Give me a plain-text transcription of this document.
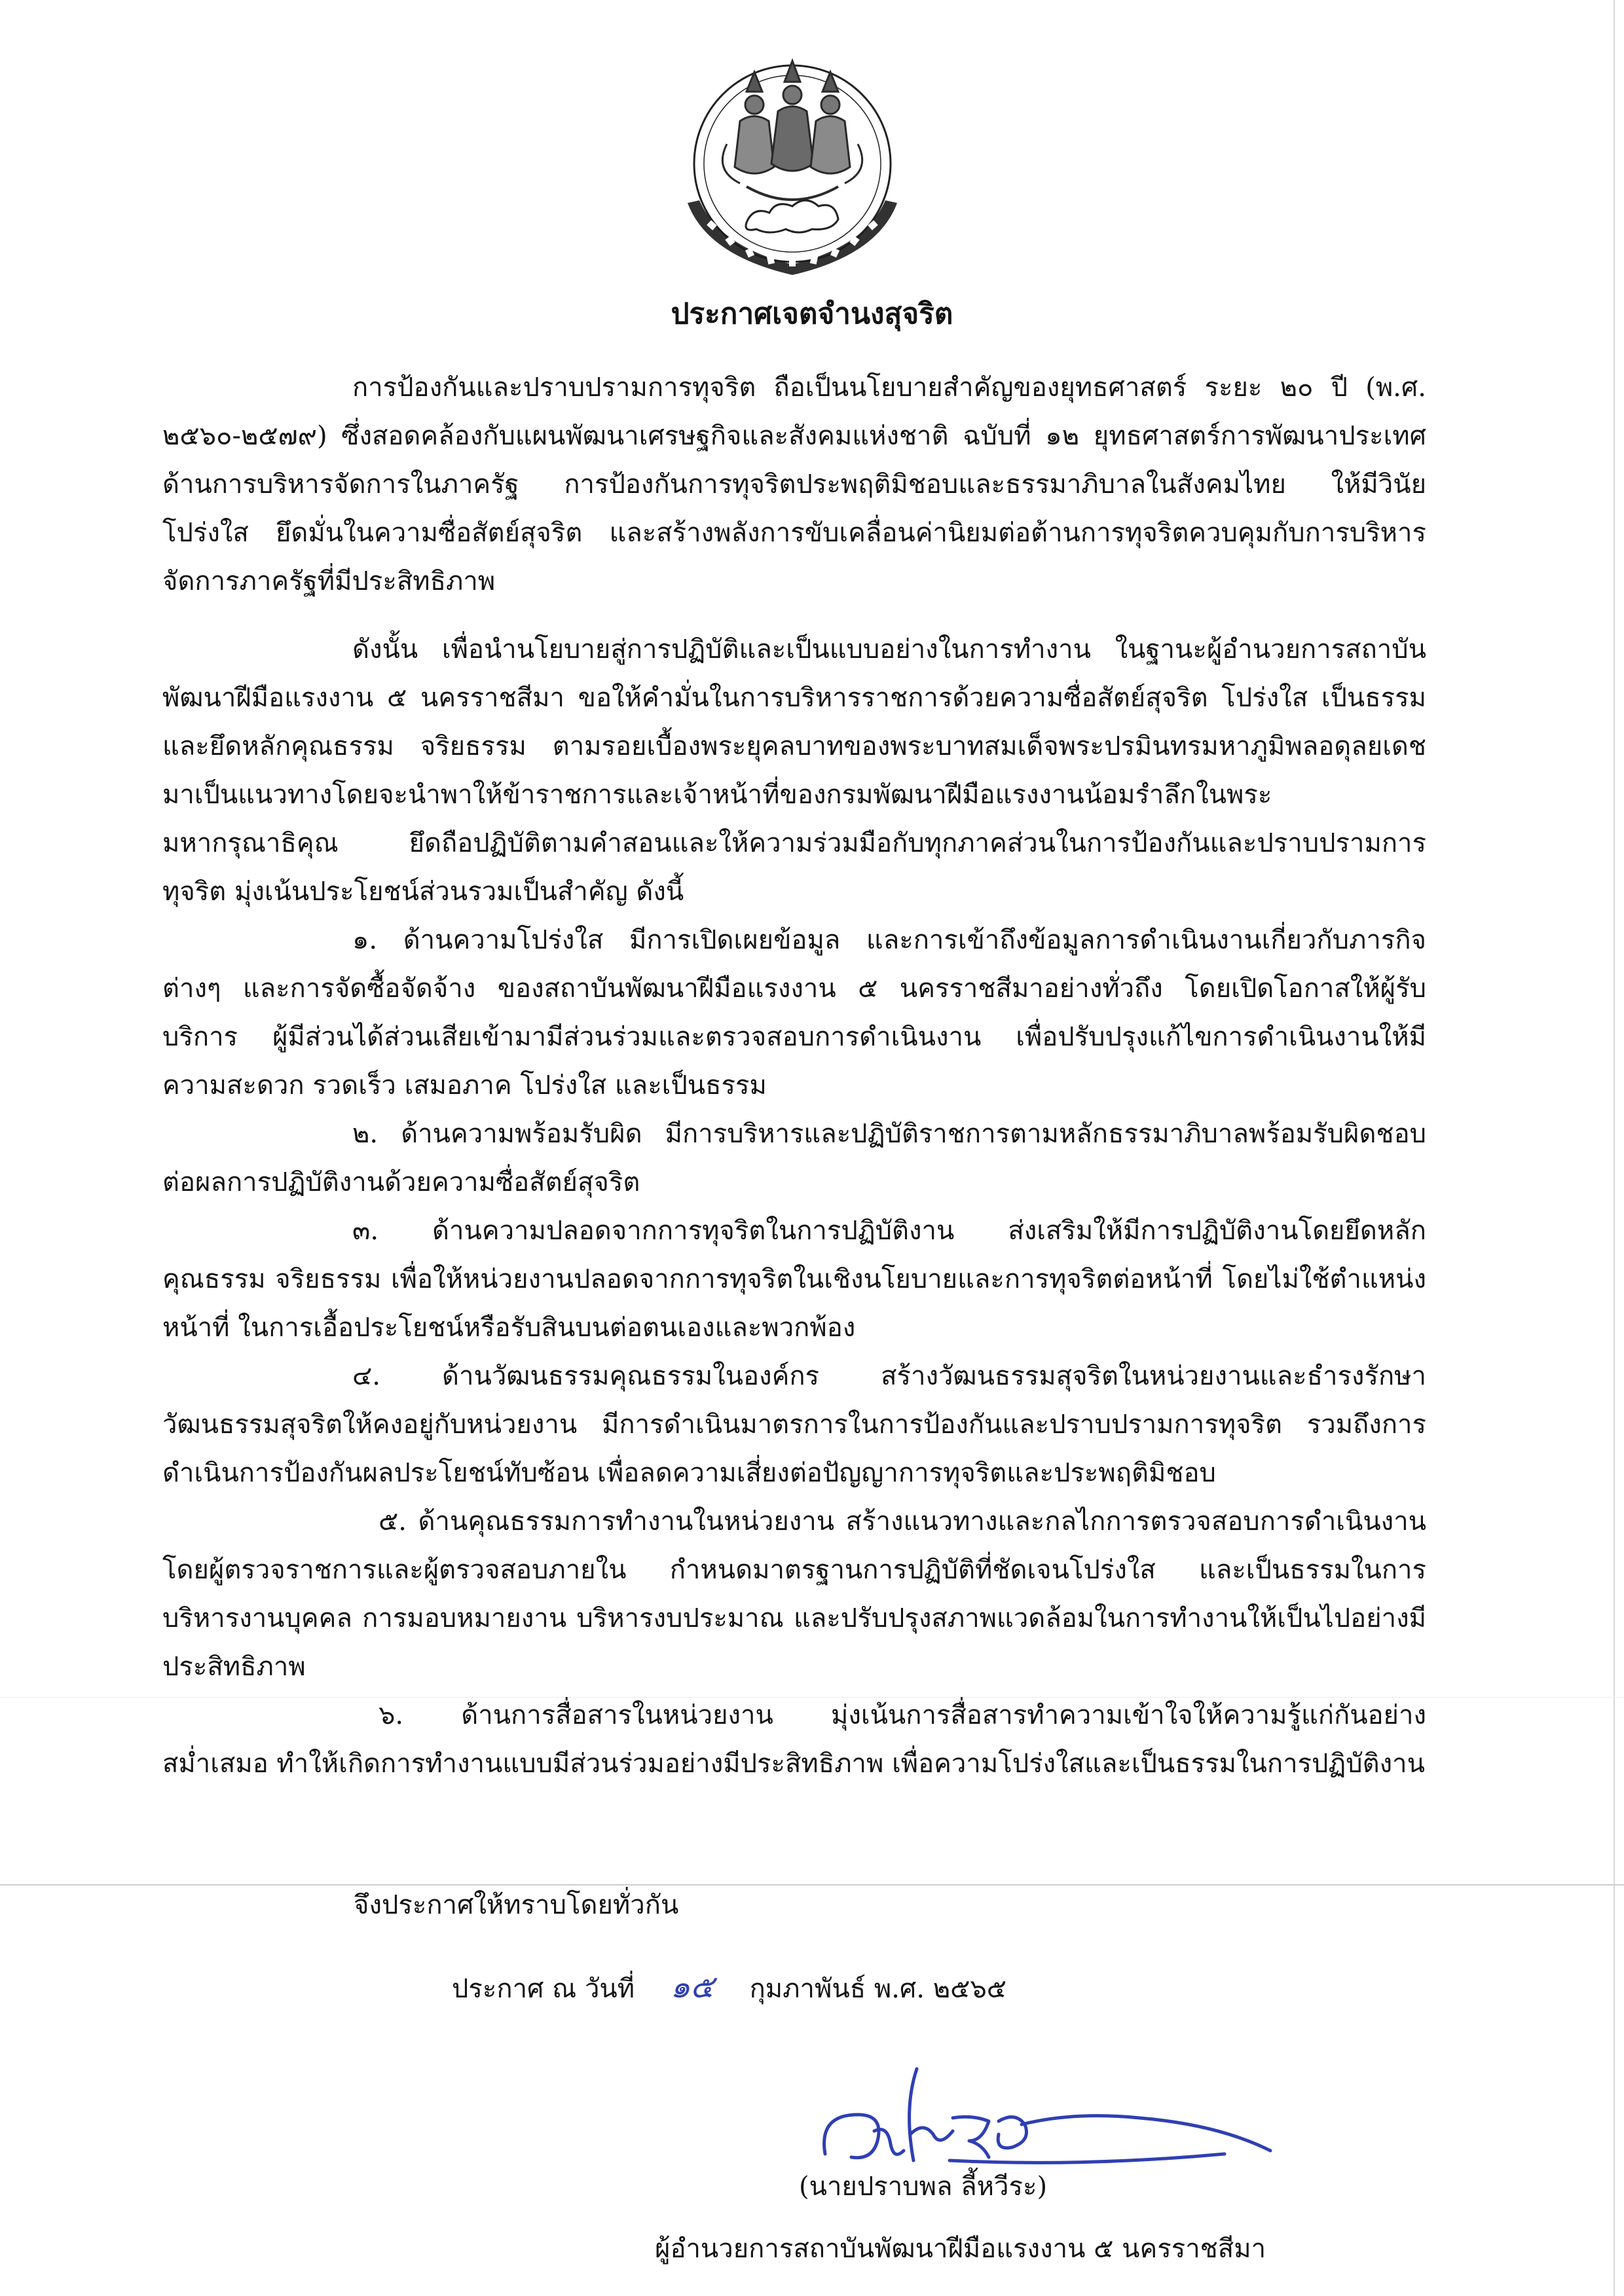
ประกาศเจตจำนงสุจริต

การป้องกันและปราบปรามการทุจริต ถือเป็นนโยบายสำคัญของยุทธศาสตร์ ระยะ ๒๐ ปี (พ.ศ. ๒๕๖๐-๒๕๗๙) ซึ่งสอดคล้องกับแผนพัฒนาเศรษฐกิจและสังคมแห่งชาติ ฉบับที่ ๑๒ ยุทธศาสตร์การพัฒนาประเทศด้านการบริหารจัดการในภาครัฐ การป้องกันการทุจริตประพฤติมิชอบและธรรมาภิบาลในสังคมไทย ให้มีวินัย โปร่งใส ยึดมั่นในความซื่อสัตย์สุจริต และสร้างพลังการขับเคลื่อนค่านิยมต่อต้านการทุจริตควบคุมกับการบริหารจัดการภาครัฐที่มีประสิทธิภาพ

ดังนั้น เพื่อนำนโยบายสู่การปฏิบัติและเป็นแบบอย่างในการทำงาน ในฐานะผู้อำนวยการสถาบันพัฒนาฝีมือแรงงาน ๕ นครราชสีมา ขอให้คำมั่นในการบริหารราชการด้วยความซื่อสัตย์สุจริต โปร่งใส เป็นธรรม และยึดหลักคุณธรรม จริยธรรม ตามรอยเบื้องพระยุคลบาทของพระบาทสมเด็จพระปรมินทรมหาภูมิพลอดุลยเดช มาเป็นแนวทางโดยจะนำพาให้ข้าราชการและเจ้าหน้าที่ของกรมพัฒนาฝีมือแรงงานน้อมรำลึกในพระมหากรุณาธิคุณ ยึดถือปฏิบัติตามคำสอนและให้ความร่วมมือกับทุกภาคส่วนในการป้องกันและปราบปรามการทุจริต มุ่งเน้นประโยชน์ส่วนรวมเป็นสำคัญ ดังนี้

๑. ด้านความโปร่งใส มีการเปิดเผยข้อมูล และการเข้าถึงข้อมูลการดำเนินงานเกี่ยวกับภารกิจต่างๆ และการจัดซื้อจัดจ้าง ของสถาบันพัฒนาฝีมือแรงงาน ๕ นครราชสีมาอย่างทั่วถึง โดยเปิดโอกาสให้ผู้รับบริการ ผู้มีส่วนได้ส่วนเสียเข้ามามีส่วนร่วมและตรวจสอบการดำเนินงาน เพื่อปรับปรุงแก้ไขการดำเนินงานให้มีความสะดวก รวดเร็ว เสมอภาค โปร่งใส และเป็นธรรม

๒. ด้านความพร้อมรับผิด มีการบริหารและปฏิบัติราชการตามหลักธรรมาภิบาลพร้อมรับผิดชอบต่อผลการปฏิบัติงานด้วยความซื่อสัตย์สุจริต

๓. ด้านความปลอดจากการทุจริตในการปฏิบัติงาน ส่งเสริมให้มีการปฏิบัติงานโดยยึดหลักคุณธรรม จริยธรรม เพื่อให้หน่วยงานปลอดจากการทุจริตในเชิงนโยบายและการทุจริตต่อหน้าที่ โดยไม่ใช้ตำแหน่งหน้าที่ ในการเอื้อประโยชน์หรือรับสินบนต่อตนเองและพวกพ้อง

๔. ด้านวัฒนธรรมคุณธรรมในองค์กร สร้างวัฒนธรรมสุจริตในหน่วยงานและธำรงรักษาวัฒนธรรมสุจริตให้คงอยู่กับหน่วยงาน มีการดำเนินมาตรการในการป้องกันและปราบปรามการทุจริต รวมถึงการดำเนินการป้องกันผลประโยชน์ทับซ้อน เพื่อลดความเสี่ยงต่อปัญญาการทุจริตและประพฤติมิชอบ

๕. ด้านคุณธรรมการทำงานในหน่วยงาน สร้างแนวทางและกลไกการตรวจสอบการดำเนินงานโดยผู้ตรวจราชการและผู้ตรวจสอบภายใน กำหนดมาตรฐานการปฏิบัติที่ชัดเจนโปร่งใส และเป็นธรรมในการบริหารงานบุคคล การมอบหมายงาน บริหารงบประมาณ และปรับปรุงสภาพแวดล้อมในการทำงานให้เป็นไปอย่างมีประสิทธิภาพ

๖. ด้านการสื่อสารในหน่วยงาน มุ่งเน้นการสื่อสารทำความเข้าใจให้ความรู้แก่กันอย่างสม่ำเสมอ ทำให้เกิดการทำงานแบบมีส่วนร่วมอย่างมีประสิทธิภาพ เพื่อความโปร่งใสและเป็นธรรมในการปฏิบัติงาน

จึงประกาศให้ทราบโดยทั่วกัน
ประกาศ ณ วันที่ ๑๕ กุมภาพันธ์ พ.ศ. ๒๕๖๕
(นายปราบพล ลี้หวีระ)
ผู้อำนวยการสถาบันพัฒนาฝีมือแรงงาน ๕ นครราชสีมา
